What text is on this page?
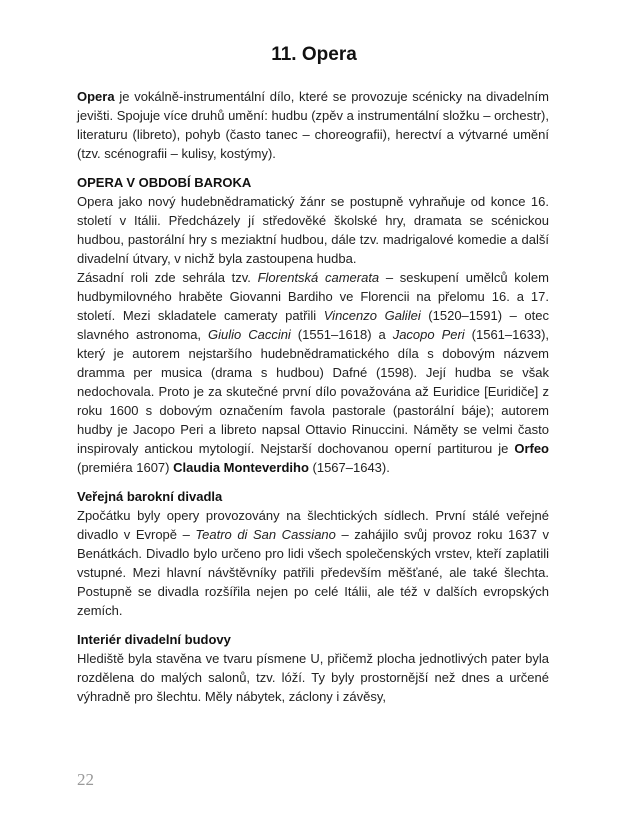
11. Opera

Opera je vokálně-instrumentální dílo, které se provozuje scénicky na divadelním jevišti. Spojuje více druhů umění: hudbu (zpěv a instrumentální složku – orchestr), literaturu (libreto), pohyb (často tanec – choreografii), herectví a výtvarné umění (tzv. scénografii – kulisy, kostýmy).

OPERA V OBDOBÍ BAROKA

Opera jako nový hudebnědramatický žánr se postupně vyhraňuje od konce 16. století v Itálii. Předcházely jí středověké školské hry, dramata se scénickou hudbou, pastorální hry s meziaktní hudbou, dále tzv. madrigalové komedie a další divadelní útvary, v nichž byla zastoupena hudba.

Zásadní roli zde sehrála tzv. Florentská camerata – seskupení umělců kolem hudbymilovného hraběte Giovanni Bardiho ve Florencii na přelomu 16. a 17. století. Mezi skladatele cameraty patřili Vincenzo Galilei (1520–1591) – otec slavného astronoma, Giulio Caccini (1551–1618) a Jacopo Peri (1561–1633), který je autorem nejstaršího hudebnědramatického díla s dobovým názvem dramma per musica (drama s hudbou) Dafné (1598). Její hudba se však nedochovala. Proto je za skutečné první dílo považována až Euridice [Euridiče] z roku 1600 s dobovým označením favola pastorale (pastorální báje); autorem hudby je Jacopo Peri a libreto napsal Ottavio Rinuccini. Náměty se velmi často inspirovaly antickou mytologií. Nejstarší dochovanou operní partiturou je Orfeo (premiéra 1607) Claudia Monteverdiho (1567–1643).

Veřejná barokní divadla

Zpočátku byly opery provozovány na šlechtických sídlech. První stálé veřejné divadlo v Evropě – Teatro di San Cassiano – zahájilo svůj provoz roku 1637 v Benátkách. Divadlo bylo určeno pro lidi všech společenských vrstev, kteří zaplatili vstupné. Mezi hlavní návštěvníky patřili především měšťané, ale také šlechta. Postupně se divadla rozšířila nejen po celé Itálii, ale též v dalších evropských zemích.

Interiér divadelní budovy

Hlediště byla stavěna ve tvaru písmene U, přičemž plocha jednotlivých pater byla rozdělena do malých salonů, tzv. lóží. Ty byly prostornější než dnes a určené výhradně pro šlechtu. Měly nábytek, záclony i závěsy,

22
